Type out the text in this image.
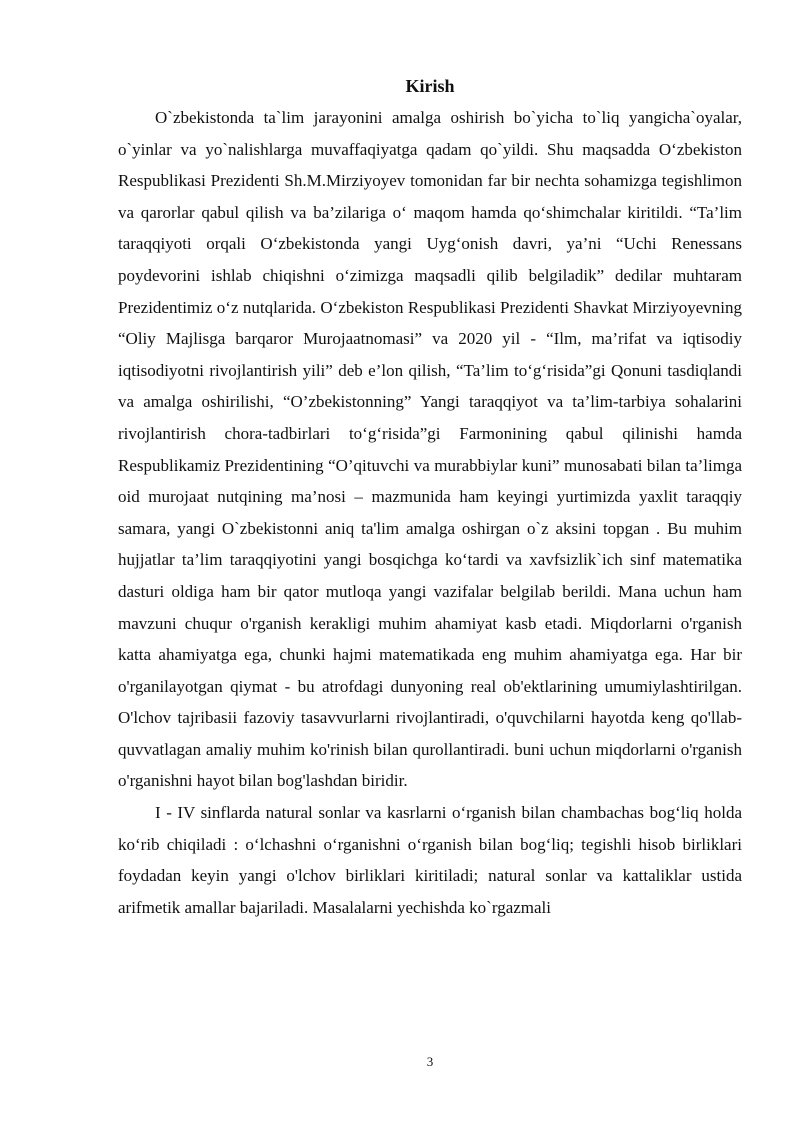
Kirish

O`zbekistonda ta`lim jarayonini amalga oshirish bo`yicha to`liq yangicha`oyalar, o`yinlar va yo`nalishlarga muvaffaqiyatga qadam qo`yildi. Shu maqsadda O‘zbekiston Respublikasi Prezidenti Sh.M.Mirziyoyev tomonidan far bir nechta sohamizga tegishlimon va qarorlar qabul qilish va ba’zilariga o‘ maqom hamda qo‘shimchalar kiritildi. “Ta’lim taraqqiyoti orqali O‘zbekistonda yangi Uyg‘onish davri, ya’ni “Uchi Renessans poydevorini ishlab chiqishni o‘zimizga maqsadli qilib belgiladik” dedilar muhtaram Prezidentimiz o‘z nutqlarida. O‘zbekiston Respublikasi Prezidenti Shavkat Mirziyoyevning “Oliy Majlisga barqaror Murojaatnomasi” va 2020 yil - “Ilm, ma’rifat va iqtisodiy iqtisodiyotni rivojlantirish yili” deb e’lon qilish, “Ta’lim to‘g‘risida”gi Qonuni tasdiqlandi va amalga oshirilishi, “O’zbekistonning” Yangi taraqqiyot va ta’lim-tarbiya sohalarini rivojlantirish chora-tadbirlari to‘g‘risida”gi Farmonining qabul qilinishi hamda Respublikamiz Prezidentining “O’qituvchi va murabbiylar kuni” munosabati bilan ta’limga oid murojaat nutqining ma’nosi – mazmunida ham keyingi yurtimizda yaxlit taraqqiy samara, yangi O`zbekistonni aniq ta'lim amalga oshirgan o`z aksini topgan . Bu muhim hujjatlar ta’lim taraqqiyotini yangi bosqichga ko‘tardi va xavfsizlik`ich sinf matematika dasturi oldiga ham bir qator mutloqa yangi vazifalar belgilab berildi. Mana uchun ham mavzuni chuqur o'rganish kerakligi muhim ahamiyat kasb etadi. Miqdorlarni o'rganish katta ahamiyatga ega, chunki hajmi matematikada eng muhim ahamiyatga ega. Har bir o'rganilayotgan qiymat - bu atrofdagi dunyoning real ob'ektlarining umumiylashtirilgan. O'lchov tajribasii fazoviy tasavvurlarni rivojlantiradi, o'quvchilarni hayotda keng qo'llab-quvvatlagan amaliy muhim ko'rinish bilan qurollantiradi. buni uchun miqdorlarni o'rganish o'rganishni hayot bilan bog'lashdan biridir.

I - IV sinflarda natural sonlar va kasrlarni o‘rganish bilan chambachas bog‘liq holda ko‘rib chiqiladi : o‘lchashni o‘rganishni o‘rganish bilan bog‘liq; tegishli hisob birliklari foydadan keyin yangi o'lchov birliklari kiritiladi; natural sonlar va kattaliklar ustida arifmetik amallar bajariladi. Masalalarni yechishda ko`rgazmali

3
